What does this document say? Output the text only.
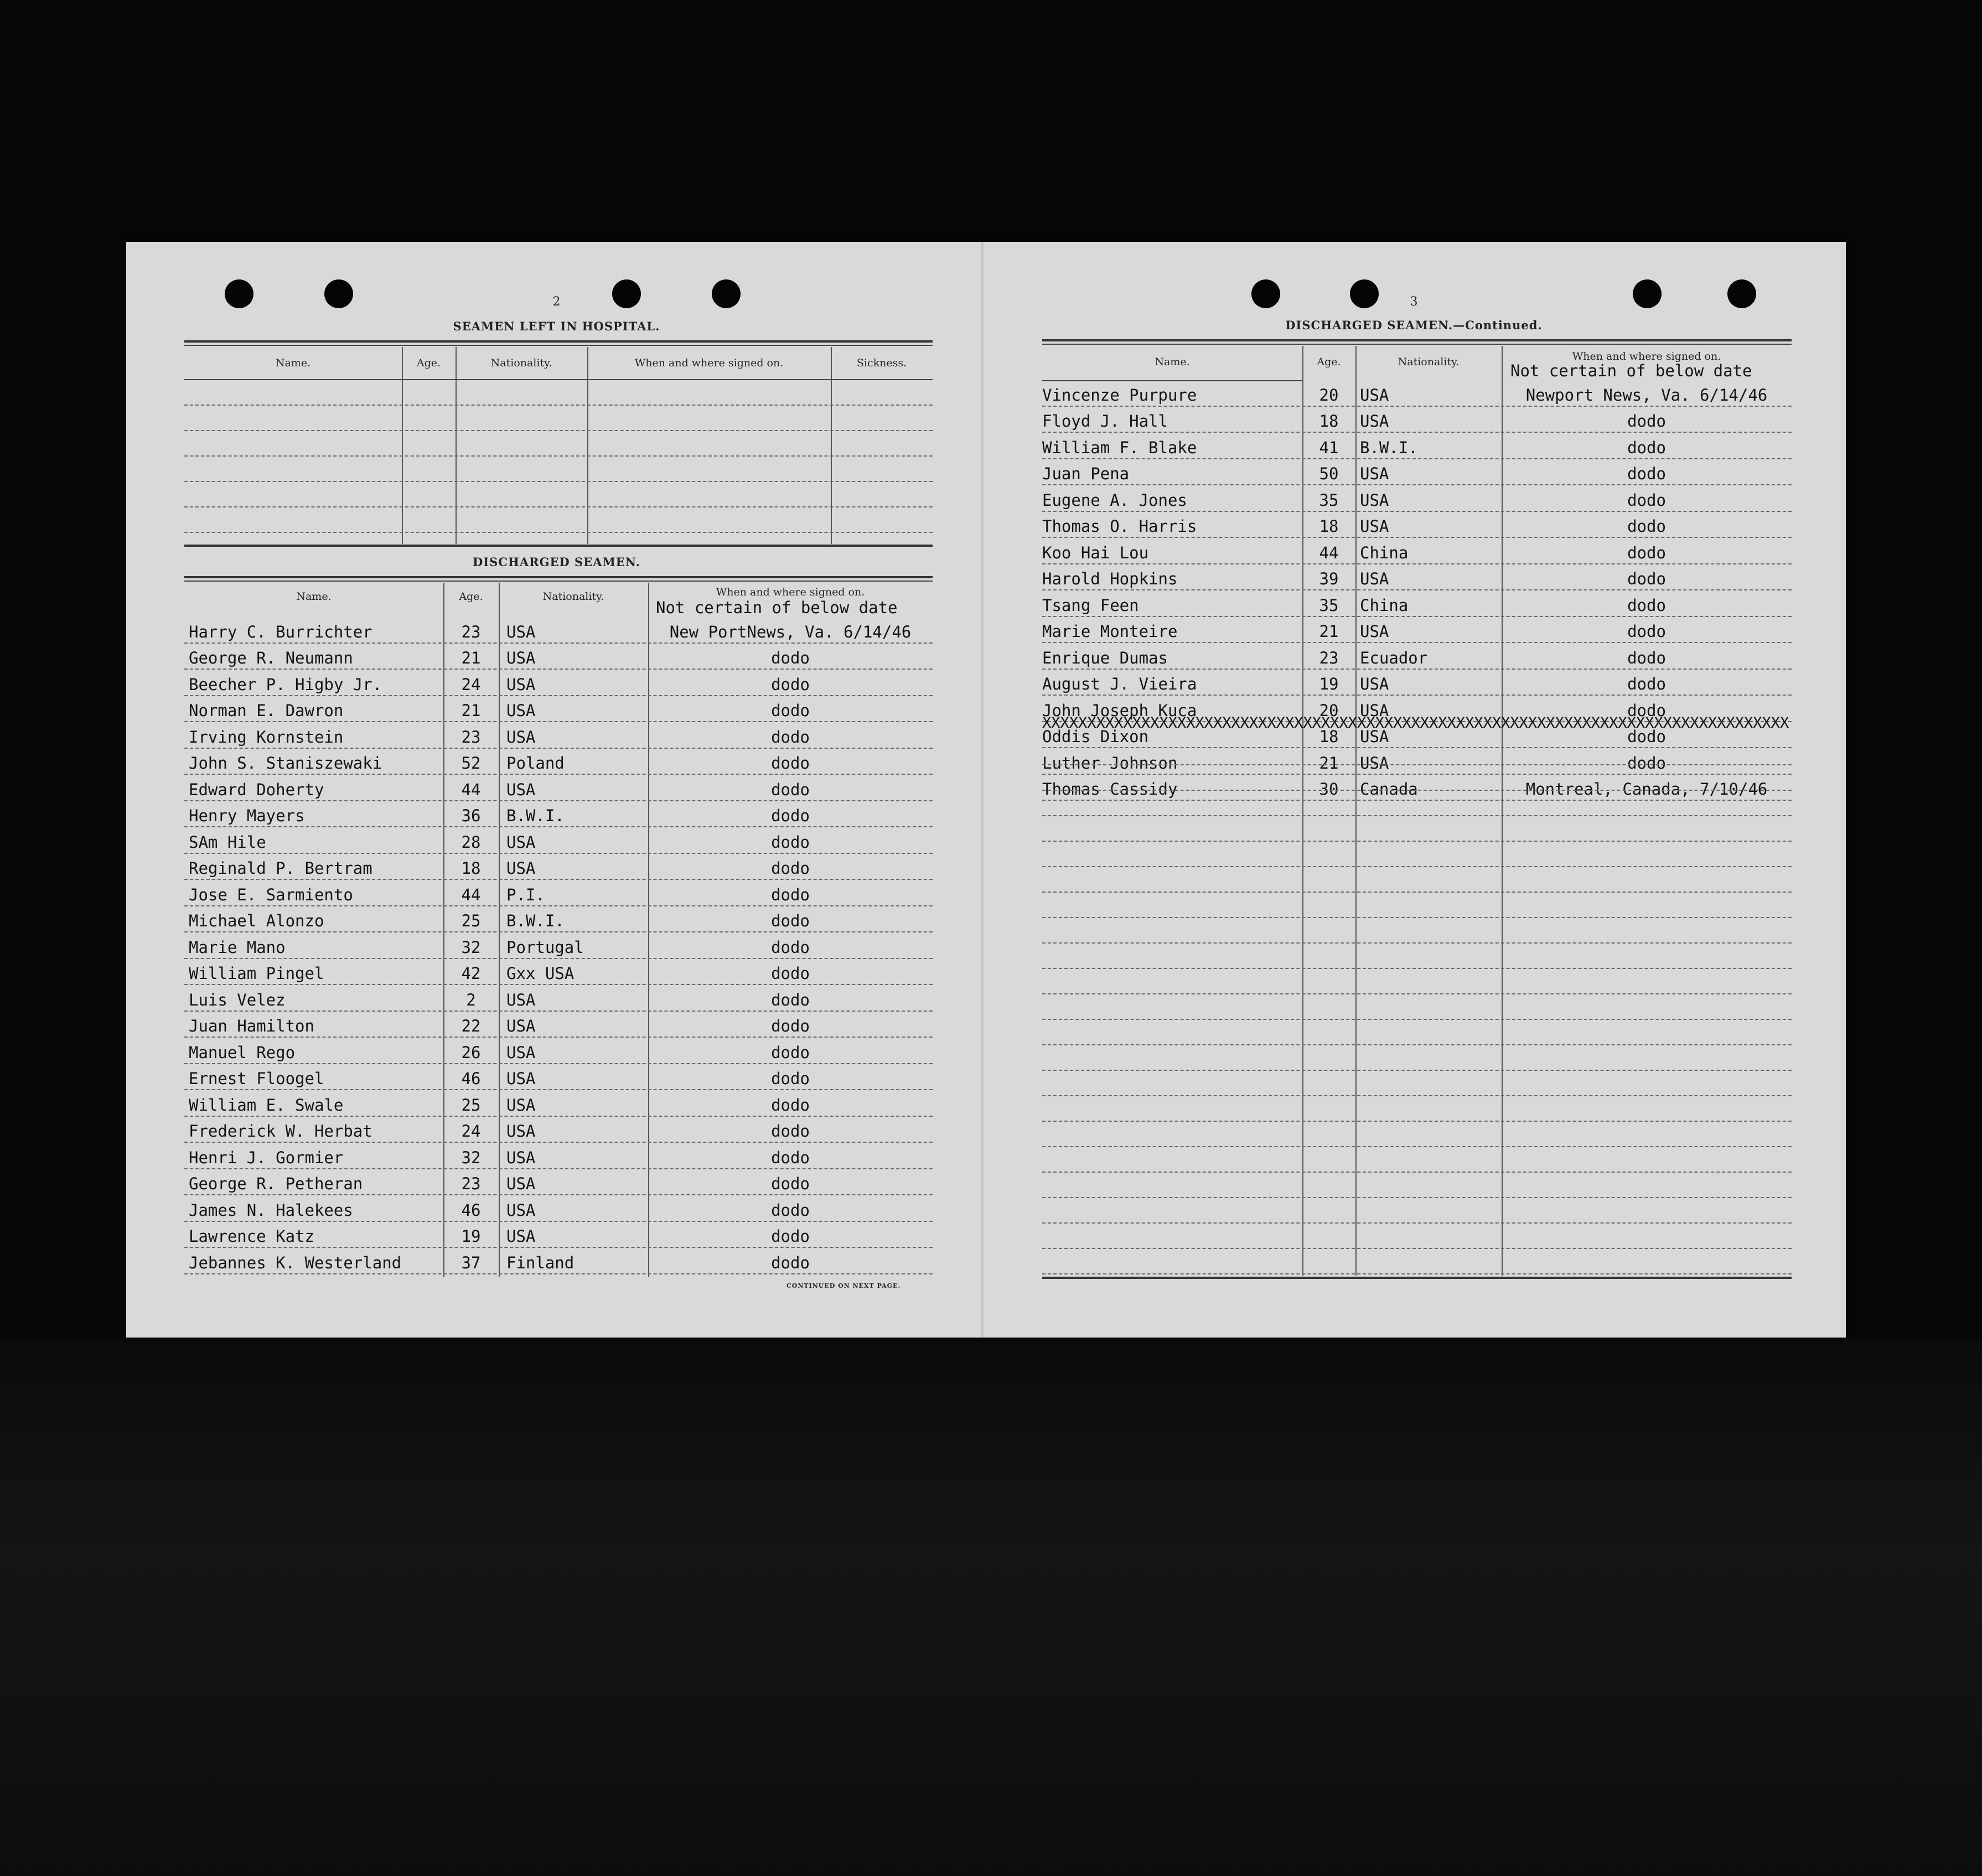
2
SEAMEN LEFT IN HOSPITAL.
Name.	Age.	Nationality.	When and where signed on.	Sickness.
DISCHARGED SEAMEN.
Name.	Age.	Nationality.	When and where signed on.
Not certain of below date
Harry C. Burrichter	23	USA	New PortNews, Va. 6/14/46
George R. Neumann	21	USA	dodo
Beecher P. Higby Jr.	24	USA	dodo
Norman E. Dawron	21	USA	dodo
Irving Kornstein	23	USA	dodo
John S. Staniszewaki	52	Poland	dodo
Edward Doherty	44	USA	dodo
Henry Mayers	36	B.W.I.	dodo
SAm Hile	28	USA	dodo
Reginald P. Bertram	18	USA	dodo
Jose E. Sarmiento	44	P.I.	dodo
Michael Alonzo	25	B.W.I.	dodo
Marie Mano	32	Portugal	dodo
William Pingel	42	Gxx USA	dodo
Luis Velez	2	USA	dodo
Juan Hamilton	22	USA	dodo
Manuel Rego	26	USA	dodo
Ernest Floogel	46	USA	dodo
William E. Swale	25	USA	dodo
Frederick W. Herbat	24	USA	dodo
Henri J. Gormier	32	USA	dodo
George R. Petheran	23	USA	dodo
James N. Halekees	46	USA	dodo
Lawrence Katz	19	USA	dodo
Jebannes K. Westerland	37	Finland	dodo
CONTINUED ON NEXT PAGE.
3
DISCHARGED SEAMEN.—Continued.
Name.	Age.	Nationality.	When and where signed on.
Not certain of below date
Vincenze Purpure	20	USA	Newport News, Va. 6/14/46
Floyd J. Hall	18	USA	dodo
William F. Blake	41	B.W.I.	dodo
Juan Pena	50	USA	dodo
Eugene A. Jones	35	USA	dodo
Thomas O. Harris	18	USA	dodo
Koo Hai Lou	44	China	dodo
Harold Hopkins	39	USA	dodo
Tsang Feen	35	China	dodo
Marie Monteire	21	USA	dodo
Enrique Dumas	23	Ecuador	dodo
August J. Vieira	19	USA	dodo
John Joseph Kuca	20	USA	dodo
Oddis Dixon	18	USA	dodo
Luther Johnson	21	USA	dodo
Thomas Cassidy	30	Canada	Montreal, Canada, 7/10/46
XXXXXXXXXXXXXXXXXXXXXXXXXXXXXXXXXXXXXXXXXXXXXXXXXXXXXXXXXXXXXXXXXXXXXXXXXXXXXXXXXXX
